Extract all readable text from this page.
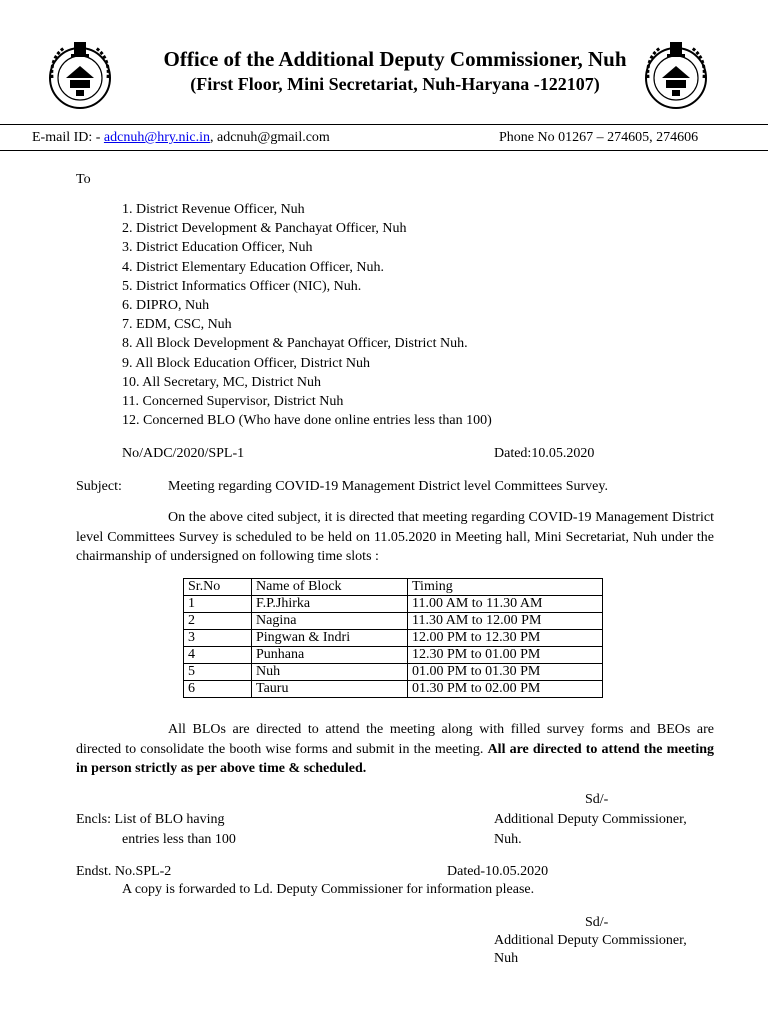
Office of the Additional Deputy Commissioner, Nuh
(First Floor, Mini Secretariat, Nuh-Haryana -122107)
E-mail ID: - adcnuh@hry.nic.in, adcnuh@gmail.com	Phone No 01267 – 274605, 274606
To
1. District Revenue Officer, Nuh
2. District Development & Panchayat Officer, Nuh
3. District Education Officer, Nuh
4. District Elementary Education Officer, Nuh.
5. District Informatics Officer (NIC), Nuh.
6. DIPRO, Nuh
7. EDM, CSC, Nuh
8. All Block Development & Panchayat Officer, District Nuh.
9. All Block Education Officer, District Nuh
10. All Secretary, MC, District Nuh
11. Concerned Supervisor, District Nuh
12. Concerned BLO (Who have done online entries less than 100)
No/ADC/2020/SPL-1	Dated:10.05.2020
Subject:	Meeting regarding COVID-19 Management District level Committees Survey.
On the above cited subject, it is directed that meeting regarding COVID-19 Management District level Committees Survey is scheduled to be held on 11.05.2020 in Meeting hall, Mini Secretariat, Nuh under the chairmanship of undersigned on following time slots :
Sr.No	Name of Block	Timing
1	F.P.Jhirka	11.00 AM to 11.30 AM
2	Nagina	11.30 AM to 12.00 PM
3	Pingwan & Indri	12.00 PM to 12.30 PM
4	Punhana	12.30 PM to 01.00 PM
5	Nuh	01.00 PM to 01.30 PM
6	Tauru	01.30 PM to 02.00 PM
All BLOs are directed to attend the meeting along with filled survey forms and BEOs are directed to consolidate the booth wise forms and submit in the meeting. All are directed to attend the meeting in person strictly as per above time & scheduled.
Sd/-
Encls: List of BLO having	Additional Deputy Commissioner,
entries less than 100	Nuh.
Endst. No.SPL-2	Dated-10.05.2020
A copy is forwarded to Ld. Deputy Commissioner for information please.
Sd/-
Additional Deputy Commissioner,
Nuh
